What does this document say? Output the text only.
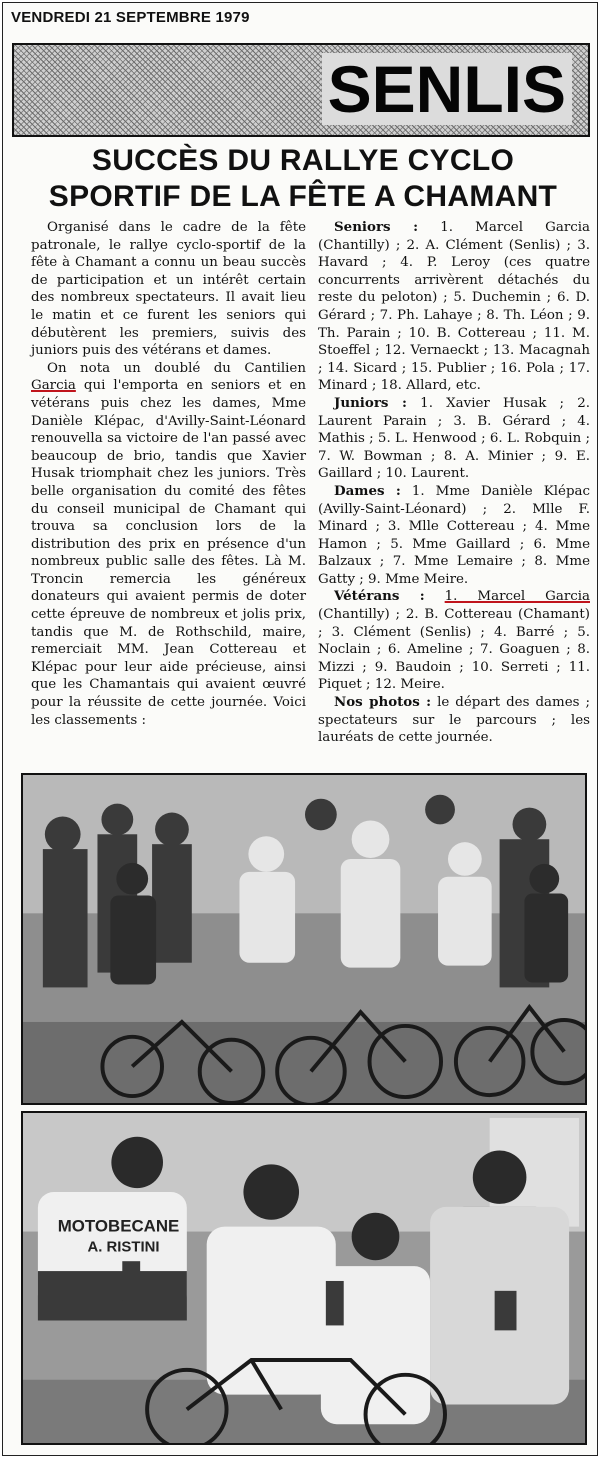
VENDREDI 21 SEPTEMBRE 1979
SENLIS
SUCCÈS DU RALLYE CYCLO
SPORTIF DE LA FÊTE A CHAMANT

Organisé dans le cadre de la fête patronale, le rallye cyclo-sportif de la fête à Chamant a connu un beau succès de participation et un intérêt certain des nombreux spectateurs. Il avait lieu le matin et ce furent les seniors qui débutèrent les premiers, suivis des juniors puis des vétérans et dames.

On nota un doublé du Cantilien Garcia qui l'emporta en seniors et en vétérans puis chez les dames, Mme Danièle Klépac, d'Avilly-Saint-Léonard renouvella sa victoire de l'an passé avec beaucoup de brio, tandis que Xavier Husak triomphait chez les juniors. Très belle organisation du comité des fêtes du conseil municipal de Chamant qui trouva sa conclusion lors de la distribution des prix en présence d'un nombreux public salle des fêtes. Là M. Troncin remercia les généreux donateurs qui avaient permis de doter cette épreuve de nombreux et jolis prix, tandis que M. de Rothschild, maire, remerciait MM. Jean Cottereau et Klépac pour leur aide précieuse, ainsi que les Chamantais qui avaient œuvré pour la réussite de cette journée. Voici les classements :

Seniors : 1. Marcel Garcia (Chantilly) ; 2. A. Clément (Senlis) ; 3. Havard ; 4. P. Leroy (ces quatre concurrents arrivèrent détachés du reste du peloton) ; 5. Duchemin ; 6. D. Gérard ; 7. Ph. Lahaye ; 8. Th. Léon ; 9. Th. Parain ; 10. B. Cottereau ; 11. M. Stoeffel ; 12. Vernaeckt ; 13. Macagnah ; 14. Sicard ; 15. Publier ; 16. Pola ; 17. Minard ; 18. Allard, etc.

Juniors : 1. Xavier Husak ; 2. Laurent Parain ; 3. B. Gérard ; 4. Mathis ; 5. L. Henwood ; 6. L. Robquin ; 7. W. Bowman ; 8. A. Minier ; 9. E. Gaillard ; 10. Laurent.

Dames : 1. Mme Danièle Klépac (Avilly-Saint-Léonard) ; 2. Mlle F. Minard ; 3. Mlle Cottereau ; 4. Mme Hamon ; 5. Mme Gaillard ; 6. Mme Balzaux ; 7. Mme Lemaire ; 8. Mme Gatty ; 9. Mme Meire.

Vétérans : 1. Marcel Garcia (Chantilly) ; 2. B. Cottereau (Chamant) ; 3. Clément (Senlis) ; 4. Barré ; 5. Noclain ; 6. Ameline ; 7. Goaguen ; 8. Mizzi ; 9. Baudoin ; 10. Serreti ; 11. Piquet ; 12. Meire.

Nos photos : le départ des dames ; spectateurs sur le parcours ; les lauréats de cette journée.

MOTOBECANE
A. RISTINI
